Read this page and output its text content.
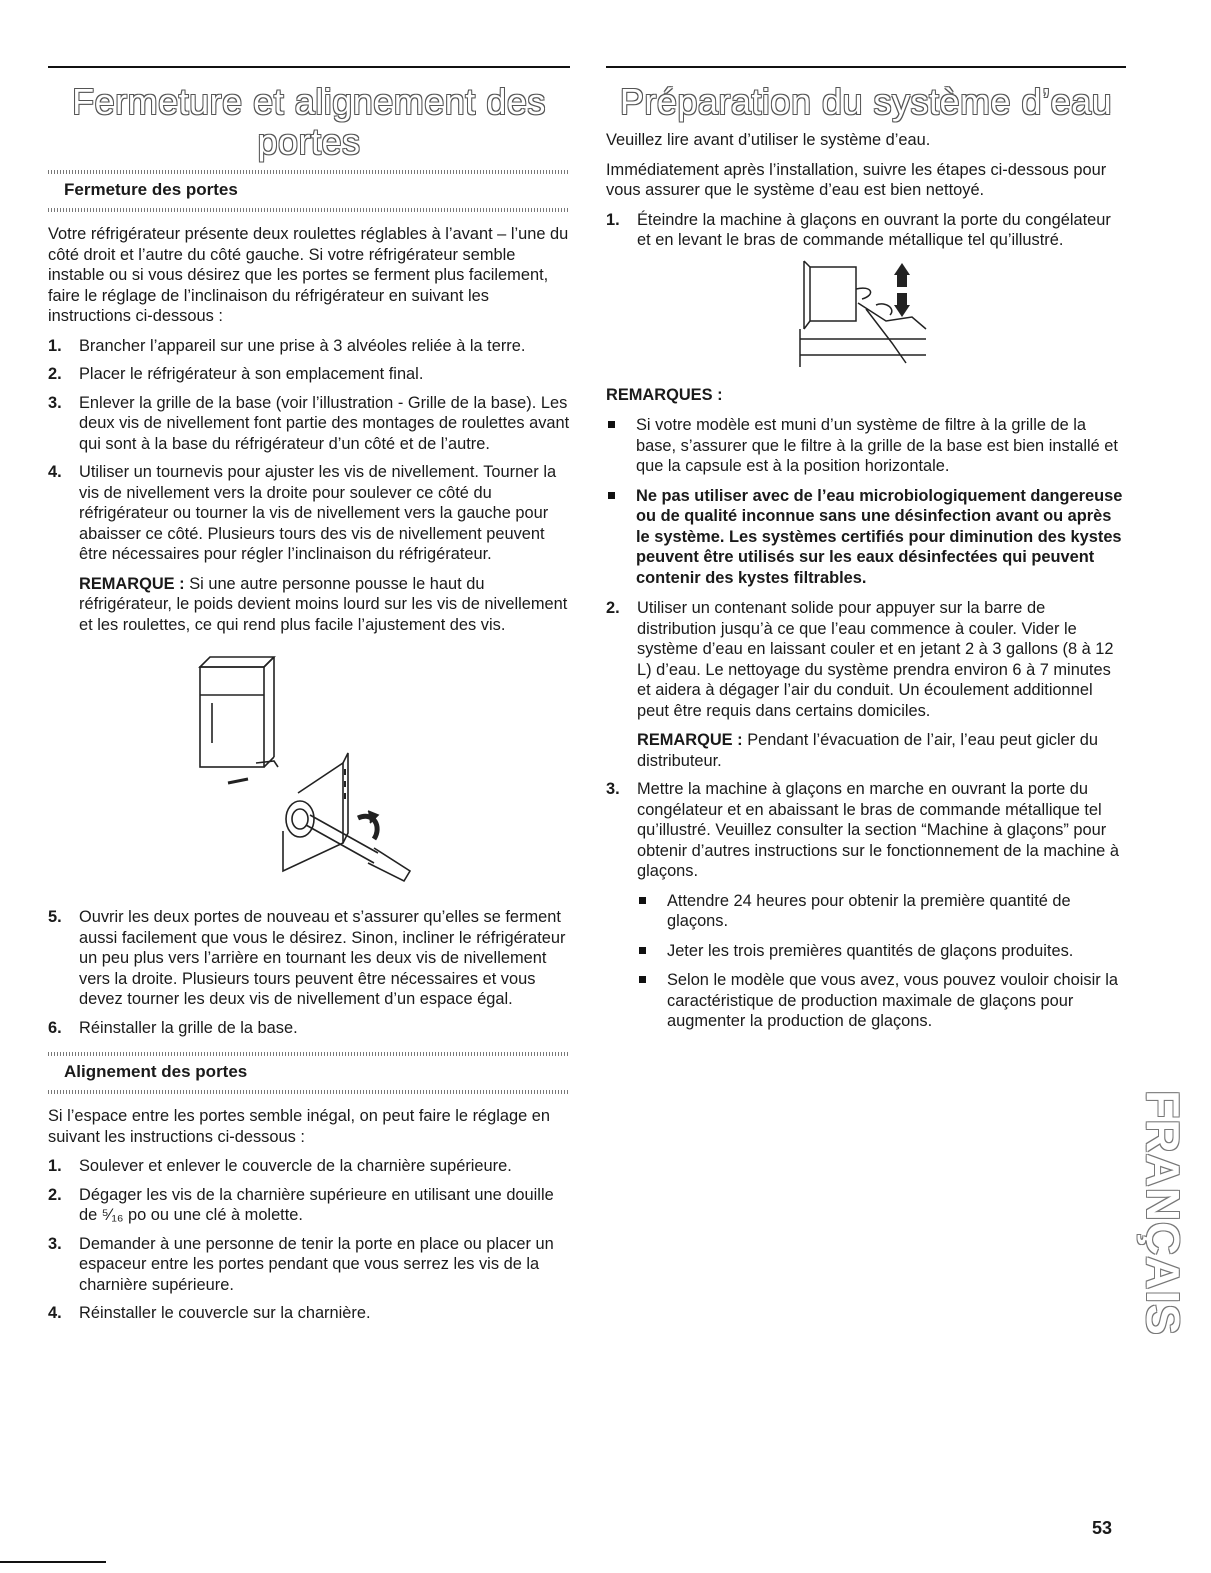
Fermeture et alignement des portes
Fermeture des portes

Votre réfrigérateur présente deux roulettes réglables à l’avant – l’une du côté droit et l’autre du côté gauche. Si votre réfrigérateur semble instable ou si vous désirez que les portes se ferment plus facilement, faire le réglage de l’inclinaison du réfrigérateur en suivant les instructions ci-dessous :

1. Brancher l’appareil sur une prise à 3 alvéoles reliée à la terre.
2. Placer le réfrigérateur à son emplacement final.
3. Enlever la grille de la base (voir l’illustration - Grille de la base). Les deux vis de nivellement font partie des montages de roulettes avant qui sont à la base du réfrigérateur d’un côté et de l’autre.
4. Utiliser un tournevis pour ajuster les vis de nivellement. Tourner la vis de nivellement vers la droite pour soulever ce côté du réfrigérateur ou tourner la vis de nivellement vers la gauche pour abaisser ce côté. Plusieurs tours des vis de nivellement peuvent être nécessaires pour régler l’inclinaison du réfrigérateur.
REMARQUE : Si une autre personne pousse le haut du réfrigérateur, le poids devient moins lourd sur les vis de nivellement et les roulettes, ce qui rend plus facile l’ajustement des vis.
5. Ouvrir les deux portes de nouveau et s’assurer qu’elles se ferment aussi facilement que vous le désirez. Sinon, incliner le réfrigérateur un peu plus vers l’arrière en tournant les deux vis de nivellement vers la droite. Plusieurs tours peuvent être nécessaires et vous devez tourner les deux vis de nivellement d’un espace égal.
6. Réinstaller la grille de la base.
Alignement des portes

Si l’espace entre les portes semble inégal, on peut faire le réglage en suivant les instructions ci-dessous :

1. Soulever et enlever le couvercle de la charnière supérieure.
2. Dégager les vis de la charnière supérieure en utilisant une douille de ⁵⁄₁₆ po ou une clé à molette.
3. Demander à une personne de tenir la porte en place ou placer un espaceur entre les portes pendant que vous serrez les vis de la charnière supérieure.
4. Réinstaller le couvercle sur la charnière.
Préparation du système d’eau

Veuillez lire avant d’utiliser le système d’eau.

Immédiatement après l’installation, suivre les étapes ci-dessous pour vous assurer que le système d’eau est bien nettoyé.

1. Éteindre la machine à glaçons en ouvrant la porte du congélateur et en levant le bras de commande métallique tel qu’illustré.
REMARQUES :
Si votre modèle est muni d’un système de filtre à la grille de la base, s’assurer que le filtre à la grille de la base est bien installé et que la capsule est à la position horizontale.
Ne pas utiliser avec de l’eau microbiologiquement dangereuse ou de qualité inconnue sans une désinfection avant ou après le système. Les systèmes certifiés pour diminution des kystes peuvent être utilisés sur les eaux désinfectées qui peuvent contenir des kystes filtrables.
2. Utiliser un contenant solide pour appuyer sur la barre de distribution jusqu’à ce que l’eau commence à couler. Vider le système d’eau en laissant couler et en jetant 2 à 3 gallons (8 à 12 L) d’eau. Le nettoyage du système prendra environ 6 à 7 minutes et aidera à dégager l’air du conduit. Un écoulement additionnel peut être requis dans certains domiciles.
REMARQUE : Pendant l’évacuation de l’air, l’eau peut gicler du distributeur.
3. Mettre la machine à glaçons en marche en ouvrant la porte du congélateur et en abaissant le bras de commande métallique tel qu’illustré. Veuillez consulter la section “Machine à glaçons” pour obtenir d’autres instructions sur le fonctionnement de la machine à glaçons.
Attendre 24 heures pour obtenir la première quantité de glaçons.
Jeter les trois premières quantités de glaçons produites.
Selon le modèle que vous avez, vous pouvez vouloir choisir la caractéristique de production maximale de glaçons pour augmenter la production de glaçons.
FRANÇAIS
53
